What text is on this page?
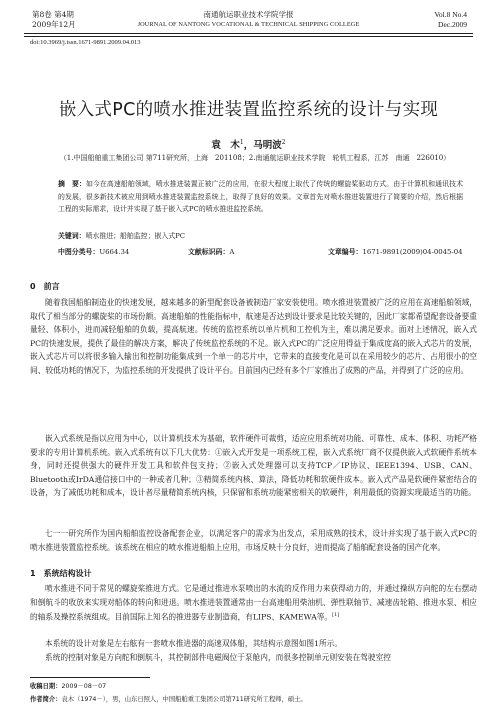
第8卷 第4期
2009年12月
南通航运职业技术学院学报
JOURNAL OF NANTONG VOCATIONAL & TECHNICAL SHIPPING COLLEGE
Vol.8 No.4
Dec.2009
doi:10.3969/j.issn.1671-9891.2009.04.013
嵌入式PC的喷水推进装置监控系统的设计与实现
袁　木$^1$，马明波$^2$
（1.中国船舶重工集团公司 第711研究所，上海　201108；2.南通航运职业技术学院　轮机工程系，江苏　南通　226010）
摘　要：如今在高速船舶领域，喷水推进装置正被广泛的应用，在很大程度上取代了传统的螺旋桨驱动方式。由于计算机和通讯技术的发展，很多新技术被应用到喷水推进装置监控系统上，取得了良好的效果。文章首先对喷水推进装置进行了简要的介绍，然后根据工程的实际需求，设计并实现了基于嵌入式PC的喷水推进监控系统。
关键词：喷水推进；船舶监控；嵌入式PC
中图分类号：U664.34	文献标识码：A	文章编号：1671-9891(2009)04-0045-04
0　前言
随着我国船舶制造业的快速发展，越来越多的新型配套设备被制造厂家安装使用。喷水推进装置被广泛的应用在高速船舶领域，取代了相当部分的螺旋桨的市场份额。高速船舶的性能指标中，航速是否达到设计要求是比较关键的，因此厂家都希望配套设备要重量轻、体积小，进而减轻船舶的负载，提高航速。传统的监控系统以单片机和工控机为主，难以满足要求。面对上述情况，嵌入式PC的快速发展，提供了最佳的解决方案，解决了传统监控系统的不足。嵌入式PC的广泛应用得益于集成度高的嵌入式芯片的发展，嵌入式芯片可以将很多输入输出和控制功能集成到一个单一的芯片中，它带来的直接变化是可以在采用较少的芯片、占用很小的空间、较低功耗的情况下，为监控系统的开发提供了设计平台。目前国内已经有多个厂家推出了成熟的产品，并得到了广泛的应用。
嵌入式系统是指以应用为中心，以计算机技术为基础，软件硬件可裁剪，适应应用系统对功能、可靠性、成本、体积、功耗严格要求的专用计算机系统。嵌入式系统有以下几大优势：①嵌入式开发是一项系统工程，嵌入式系统厂商不仅提供嵌入式软硬件系统本身，同时还提供强大的硬件开发工具和软件包支持；②嵌入式处理器可以支持TCP／IP协议、IEEE1394、USB、CAN、Bluetooth或IrDA通信接口中的一种或者几种；③精简系统内核、算法，降低功耗和软硬件成本。嵌入式产品是软硬件紧密结合的设备，为了减低功耗和成本，设计者尽量精简系统内核，只保留和系统功能紧密相关的软硬件，利用最低的资源实现最适当的功能。
七一一研究所作为国内船舶监控设备配套企业，以满足客户的需求为出发点，采用成熟的技术，设计并实现了基于嵌入式PC的喷水推进装置监控系统。该系统在相应的喷水推进船舶上应用，市场反映十分良好，进而提高了船舶配套设备的国产化率。
1　系统结构设计
喷水推进不同于常见的螺旋桨推进方式。它是通过推进水泵喷出的水流的反作用力来获得动力的，并通过操纵方向舵的左右摆动和倒航斗的收放来实现对船体的转向和进退。喷水推进装置通常由一台高速船用柴油机、弹性联轴节、减速齿轮箱、推进水泵、相应的轴系及操控系统组成。目前国际上知名的推进器专业制造商，有LIPS、KAMEWA等。[1]
本系统的设计对象是左右舷有一套喷水推进器的高速双体船，其结构示意图如图1所示。
系统的控制对象是方向舵和倒航斗，其控制部件电磁阀位于泵舱内，而很多控制单元则安装在驾驶室控
收稿日期：2009－08－07
作者简介：袁木（1974－），男，山东日照人，中国船舶重工集团公司第711研究所工程师，硕士。
